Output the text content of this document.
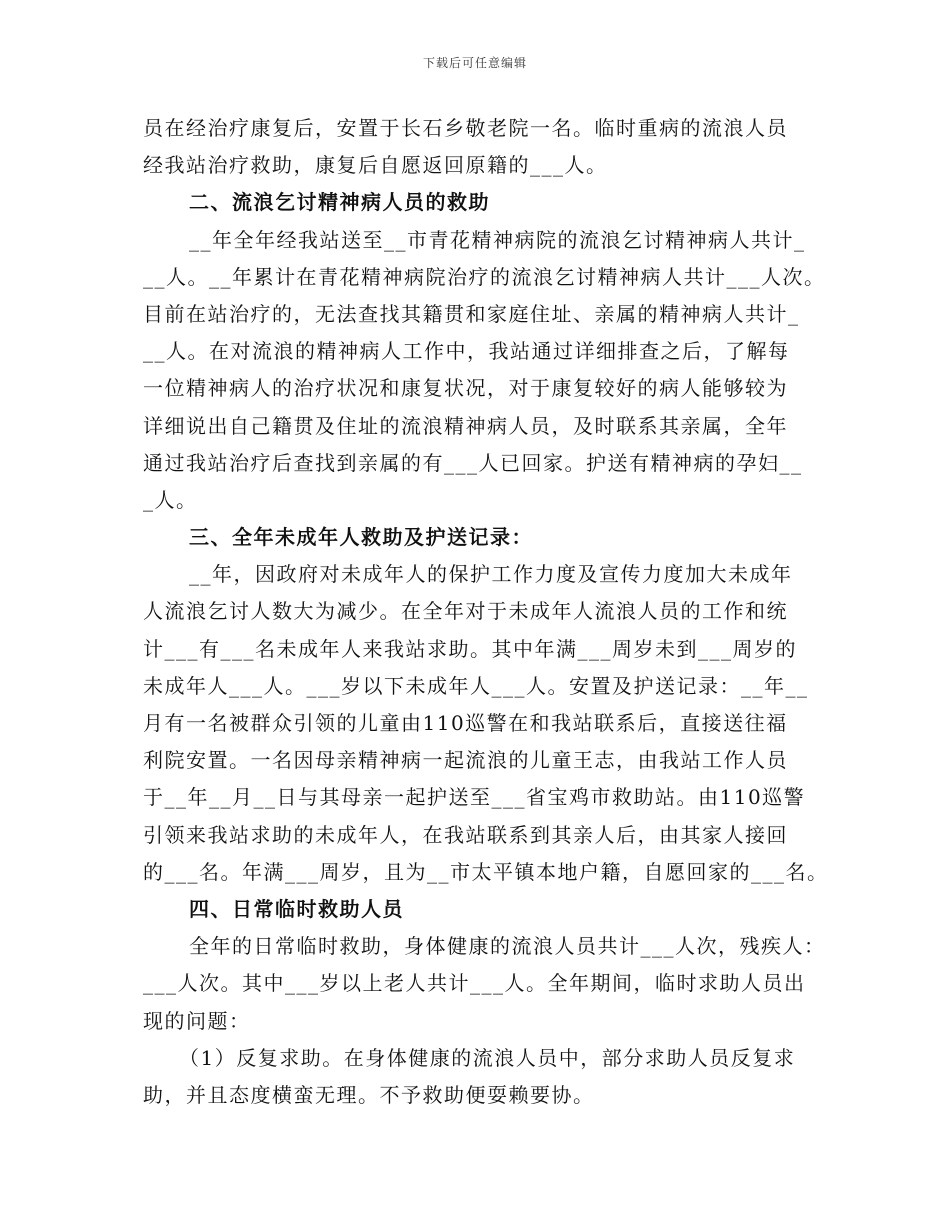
下载后可任意编辑
员在经治疗康复后，安置于长石乡敬老院一名。临时重病的流浪人员
经我站治疗救助，康复后自愿返回原籍的___人。
二、流浪乞讨精神病人员的救助
__年全年经我站送至__市青花精神病院的流浪乞讨精神病人共计_
__人。__年累计在青花精神病院治疗的流浪乞讨精神病人共计___人次。
目前在站治疗的，无法查找其籍贯和家庭住址、亲属的精神病人共计_
__人。在对流浪的精神病人工作中，我站通过详细排查之后，了解每
一位精神病人的治疗状况和康复状况，对于康复较好的病人能够较为
详细说出自己籍贯及住址的流浪精神病人员，及时联系其亲属，全年
通过我站治疗后查找到亲属的有___人已回家。护送有精神病的孕妇__
_人。
三、全年未成年人救助及护送记录：
__年，因政府对未成年人的保护工作力度及宣传力度加大未成年
人流浪乞讨人数大为减少。在全年对于未成年人流浪人员的工作和统
计___有___名未成年人来我站求助。其中年满___周岁未到___周岁的
未成年人___人。___岁以下未成年人___人。安置及护送记录：__年__
月有一名被群众引领的儿童由110巡警在和我站联系后，直接送往福
利院安置。一名因母亲精神病一起流浪的儿童王志，由我站工作人员
于__年__月__日与其母亲一起护送至___省宝鸡市救助站。由110巡警
引领来我站求助的未成年人，在我站联系到其亲人后，由其家人接回
的___名。年满___周岁，且为__市太平镇本地户籍，自愿回家的___名。
四、日常临时救助人员
全年的日常临时救助，身体健康的流浪人员共计___人次，残疾人：
___人次。其中___岁以上老人共计___人。全年期间，临时求助人员出
现的问题：
（1）反复求助。在身体健康的流浪人员中，部分求助人员反复求
助，并且态度横蛮无理。不予救助便耍赖要协。
